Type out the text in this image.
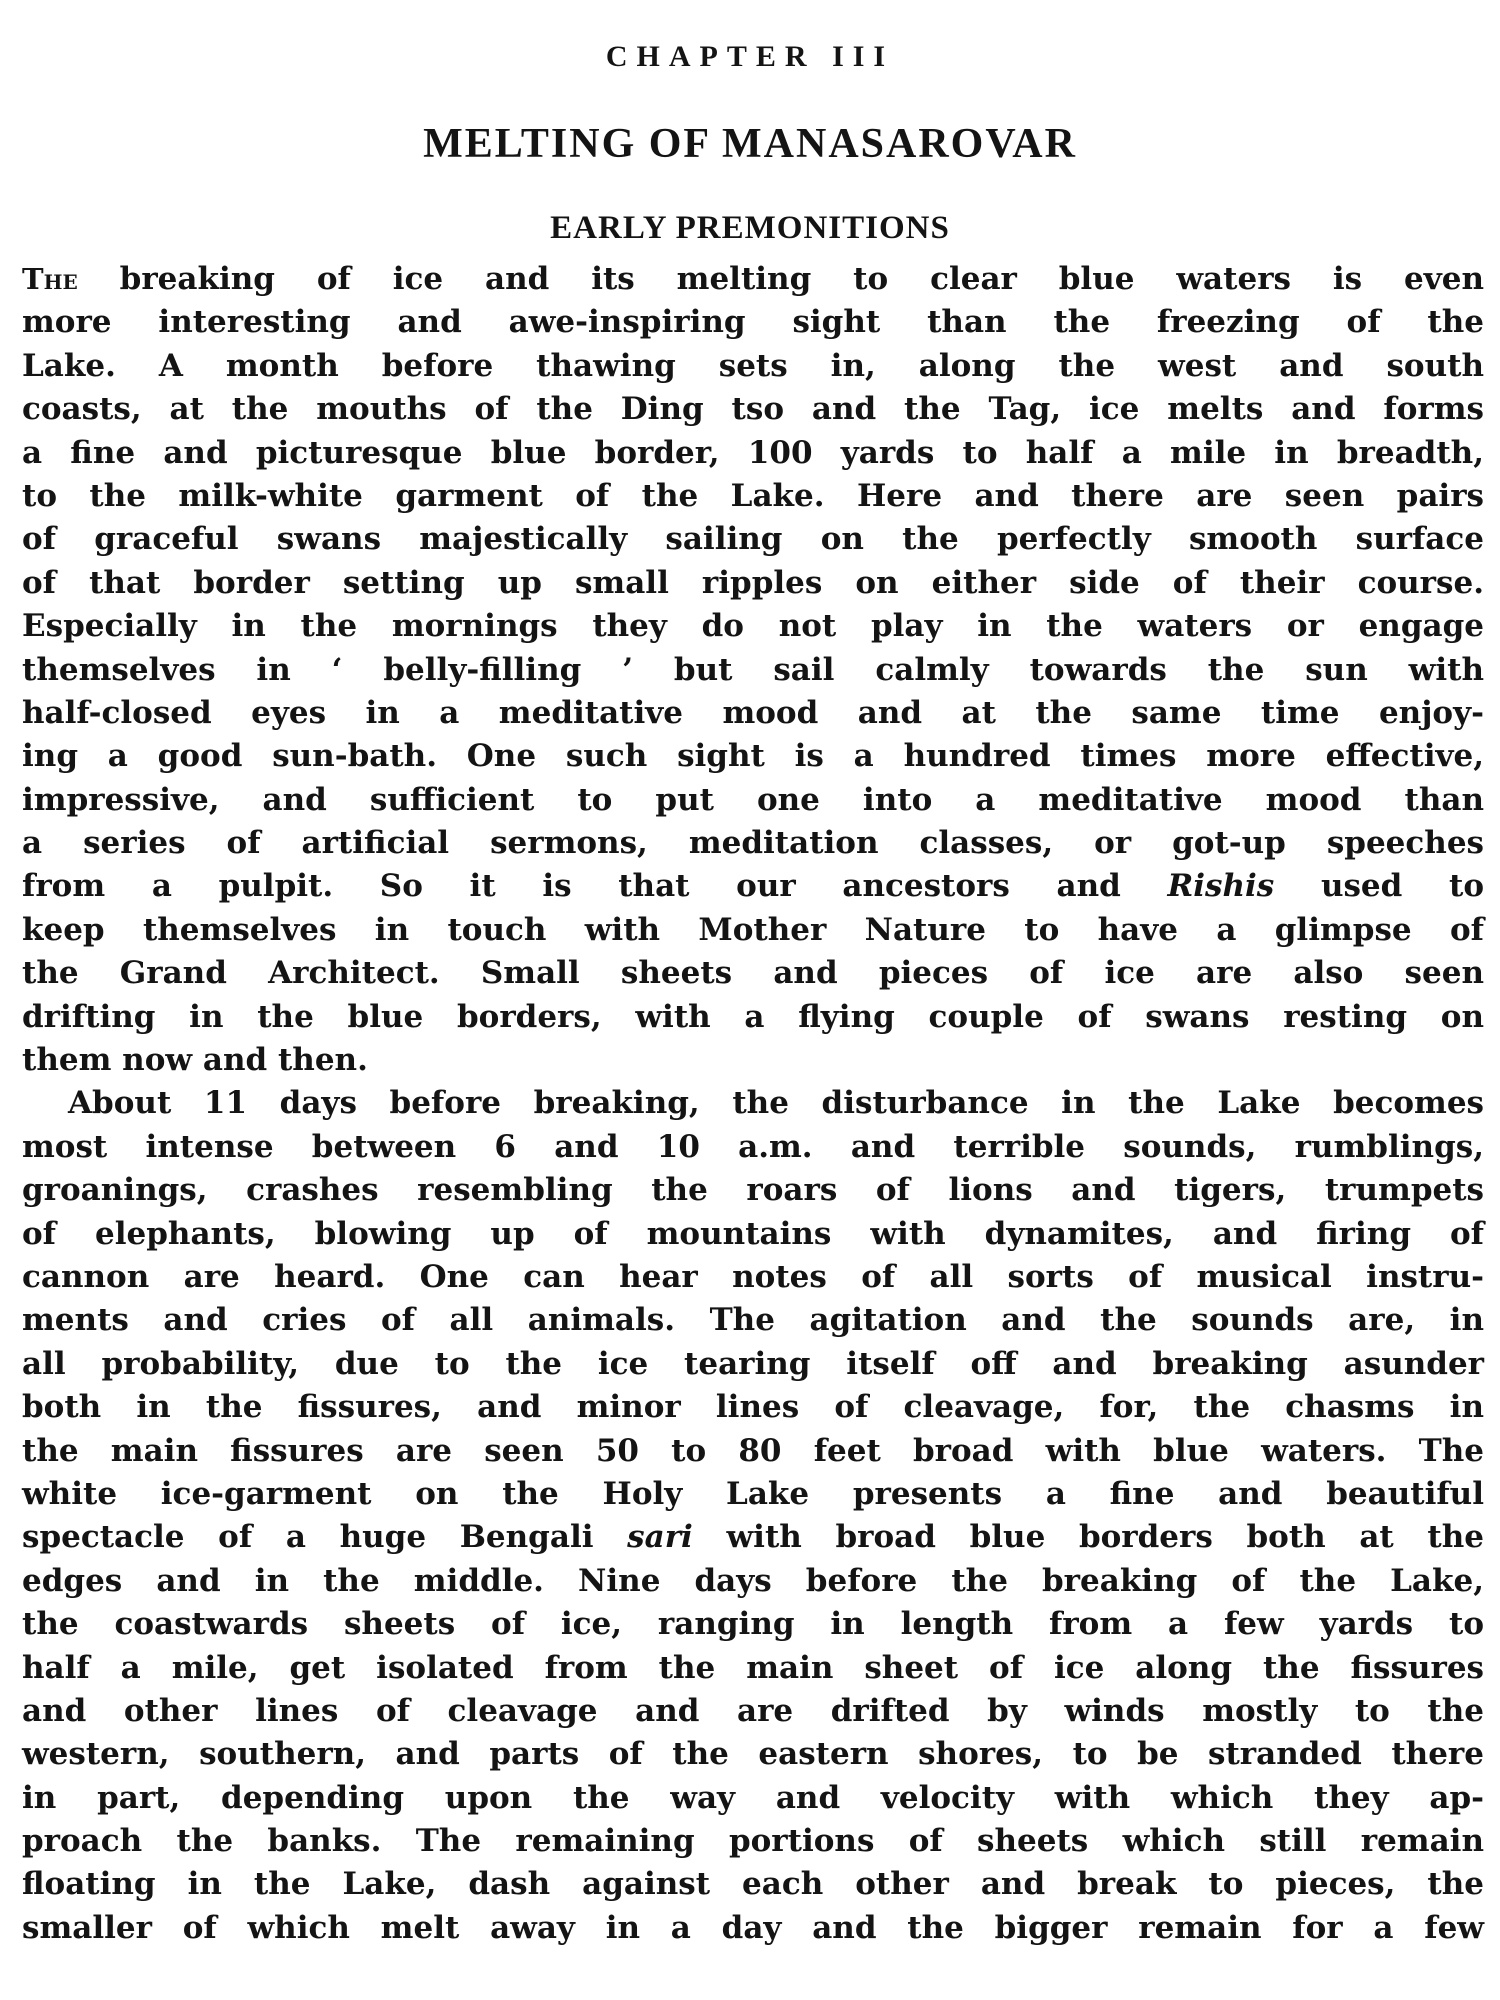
CHAPTER III
MELTING OF MANASAROVAR
EARLY PREMONITIONS
The breaking of ice and its melting to clear blue waters is even
more interesting and awe-inspiring sight than the freezing of the
Lake. A month before thawing sets in, along the west and south
coasts, at the mouths of the Ding tso and the Tag, ice melts and forms
a fine and picturesque blue border, 100 yards to half a mile in breadth,
to the milk-white garment of the Lake. Here and there are seen pairs
of graceful swans majestically sailing on the perfectly smooth surface
of that border setting up small ripples on either side of their course.
Especially in the mornings they do not play in the waters or engage
themselves in ‘ belly-filling ’ but sail calmly towards the sun with
half-closed eyes in a meditative mood and at the same time enjoy-
ing a good sun-bath. One such sight is a hundred times more effective,
impressive, and sufficient to put one into a meditative mood than
a series of artificial sermons, meditation classes, or got-up speeches
from a pulpit. So it is that our ancestors and Rishis used to
keep themselves in touch with Mother Nature to have a glimpse of
the Grand Architect. Small sheets and pieces of ice are also seen
drifting in the blue borders, with a flying couple of swans resting on
them now and then.
About 11 days before breaking, the disturbance in the Lake becomes
most intense between 6 and 10 a.m. and terrible sounds, rumblings,
groanings, crashes resembling the roars of lions and tigers, trumpets
of elephants, blowing up of mountains with dynamites, and firing of
cannon are heard. One can hear notes of all sorts of musical instru-
ments and cries of all animals. The agitation and the sounds are, in
all probability, due to the ice tearing itself off and breaking asunder
both in the fissures, and minor lines of cleavage, for, the chasms in
the main fissures are seen 50 to 80 feet broad with blue waters. The
white ice-garment on the Holy Lake presents a fine and beautiful
spectacle of a huge Bengali sari with broad blue borders both at the
edges and in the middle. Nine days before the breaking of the Lake,
the coastwards sheets of ice, ranging in length from a few yards to
half a mile, get isolated from the main sheet of ice along the fissures
and other lines of cleavage and are drifted by winds mostly to the
western, southern, and parts of the eastern shores, to be stranded there
in part, depending upon the way and velocity with which they ap-
proach the banks. The remaining portions of sheets which still remain
floating in the Lake, dash against each other and break to pieces, the
smaller of which melt away in a day and the bigger remain for a few
